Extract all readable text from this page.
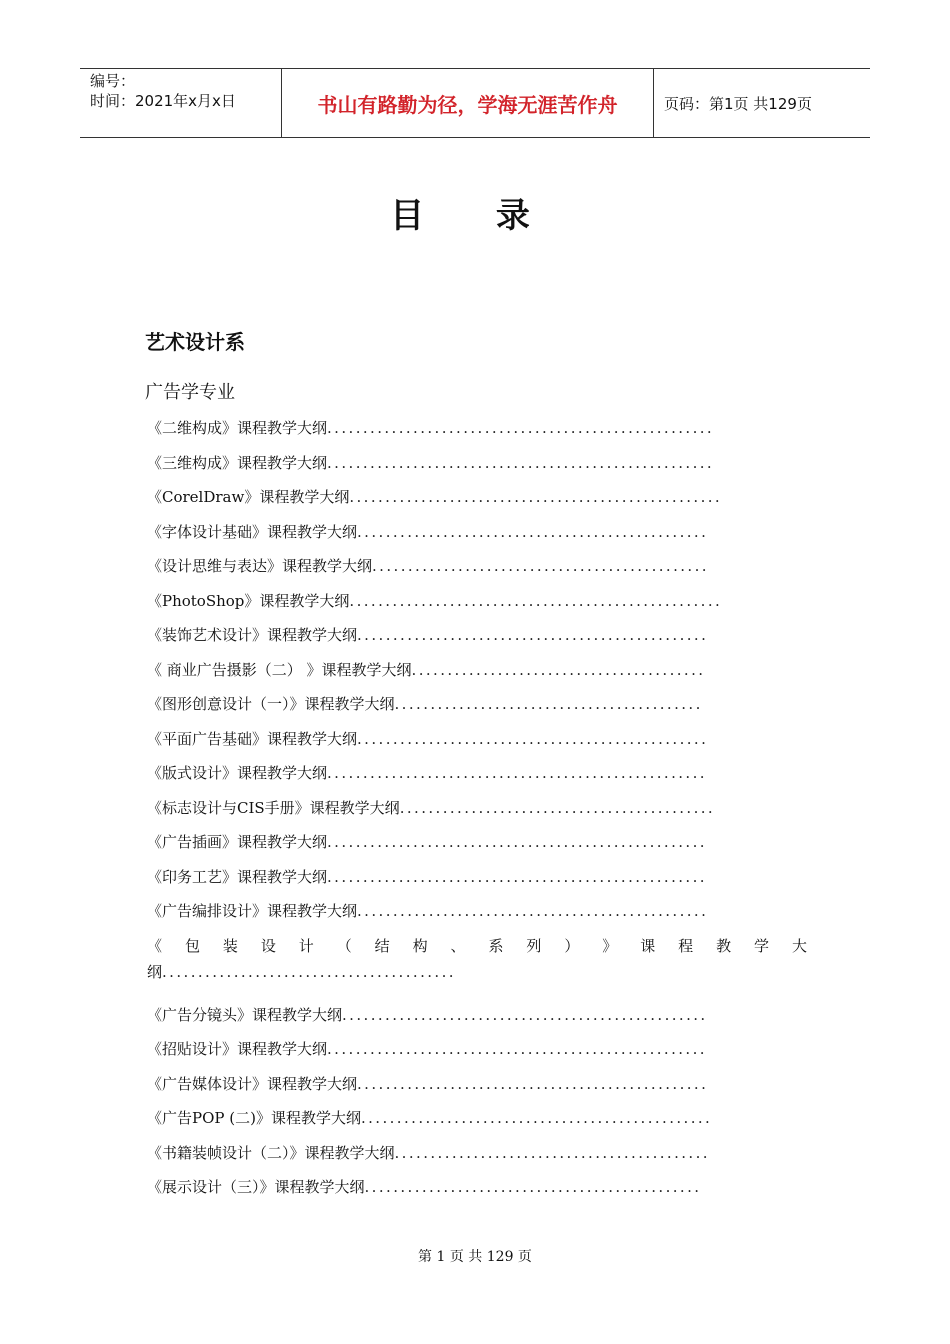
编号：
时间：2021年x月x日	书山有路勤为径，学海无涯苦作舟	页码：第1页 共129页
目 录
艺术设计系
广告学专业
《二维构成》课程教学大纲......................................................
《三维构成》课程教学大纲......................................................
《CorelDraw》课程教学大纲....................................................
《字体设计基础》课程教学大纲.................................................
《设计思维与表达》课程教学大纲...............................................
《PhotoShop》课程教学大纲....................................................
《装饰艺术设计》课程教学大纲.................................................
《 商业广告摄影（二） 》课程教学大纲.........................................
《图形创意设计（一）》课程教学大纲...........................................
《平面广告基础》课程教学大纲.................................................
《版式设计》课程教学大纲.....................................................
《标志设计与CIS手册》课程教学大纲............................................
《广告插画》课程教学大纲.....................................................
《印务工艺》课程教学大纲.....................................................
《广告编排设计》课程教学大纲.................................................
《 包 装 设 计 （ 结 构 、 系 列 ） 》 课 程 教 学 大
纲.........................................
《广告分镜头》课程教学大纲...................................................
《招贴设计》课程教学大纲.....................................................
《广告媒体设计》课程教学大纲.................................................
《广告POP (二)》课程教学大纲.................................................
《书籍装帧设计（二）》课程教学大纲............................................
《展示设计（三）》课程教学大纲...............................................
第 1 页 共 129 页
